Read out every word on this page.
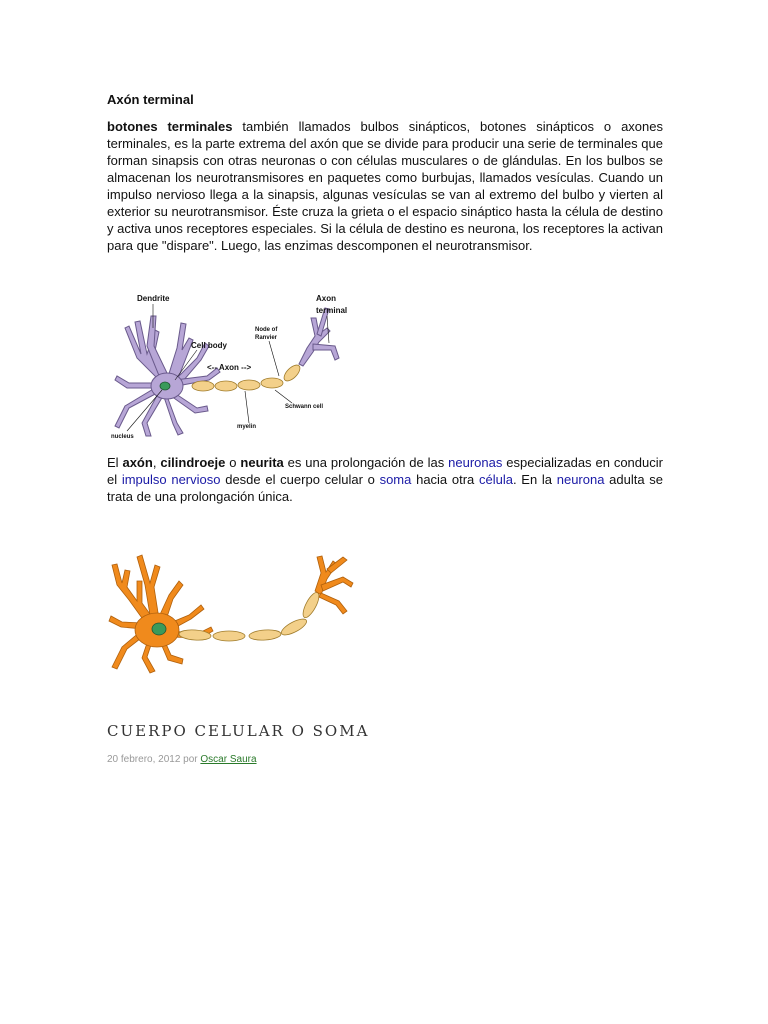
Axón terminal
botones terminales también llamados bulbos sinápticos, botones sinápticos o axones terminales, es la parte extrema del axón que se divide para producir una serie de terminales que forman sinapsis con otras neuronas o con células musculares o de glándulas. En los bulbos se almacenan los neurotransmisores en paquetes como burbujas, llamados vesículas. Cuando un impulso nervioso llega a la sinapsis, algunas vesículas se van al extremo del bulbo y vierten al exterior su neurotransmisor. Éste cruza la grieta o el espacio sináptico hasta la célula de destino y activa unos receptores especiales. Si la célula de destino es neurona, los receptores la activan para que "dispare". Luego, las enzimas descomponen el neurotransmisor.
Dendrite
Cell body
<-- Axon -->
Node of
Ranvier
Axon
terminal
Schwann cell
myelin
nucleus
El axón, cilindroeje o neurita es una prolongación de las neuronas especializadas en conducir el impulso nervioso desde el cuerpo celular o soma hacia otra célula. En la neurona adulta se trata de una prolongación única.
CUERPO CELULAR O SOMA
20 febrero, 2012 por Oscar Saura
